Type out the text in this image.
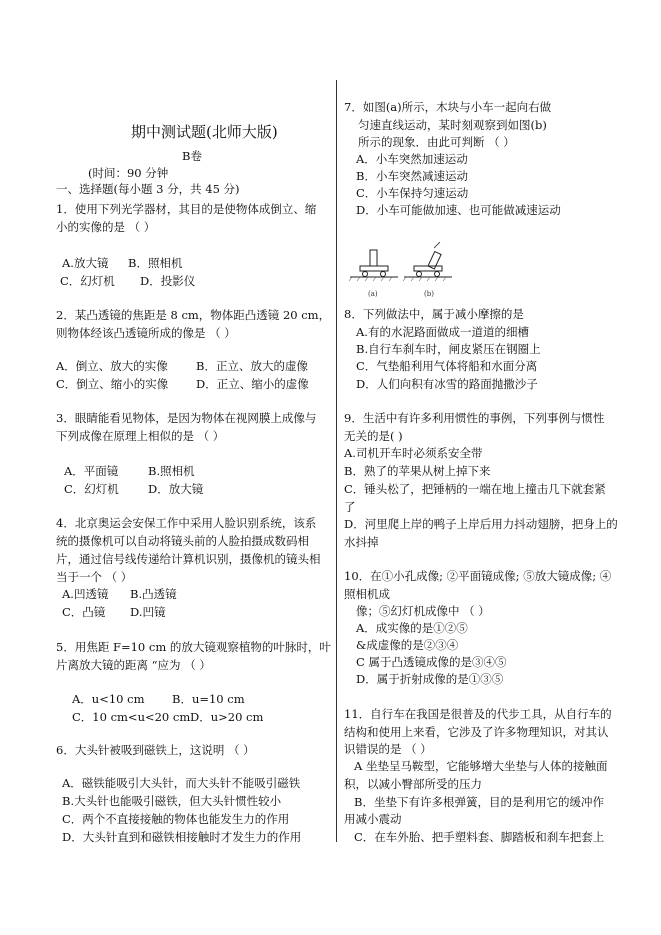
期中测试题(北师大版)
B卷
(时间：90 分钟
一、选择题(每小题 3 分，共 45 分)
1．使用下列光学器材，其目的是使物体成倒立、缩
小的实像的是 （ ）
A.放大镜 B．照相机
C．幻灯机 D．投影仪
2．某凸透镜的焦距是 8 cm，物体距凸透镜 20 cm，
则物体经该凸透镜所成的像是 （ ）
A．倒立、放大的实像 B．正立、放大的虚像
C．倒立、缩小的实像 D．正立、缩小的虚像
3．眼睛能看见物体，是因为物体在视网膜上成像与
下列成像在原理上相似的是 （ ）
A．平面镜	B.照相机
C．幻灯机	D．放大镜
4．北京奥运会安保工作中采用人脸识别系统，该系
统的摄像机可以自动将镜头前的人脸拍摄成数码相
片，通过信号线传递给计算机识别，摄像机的镜头相
当于一个 （ ）
A.凹透镜 B.凸透镜
C．凸镜 D.凹镜
5．用焦距 F=10 cm 的放大镜观察植物的叶脉时，叶
片离放大镜的距离 “应为 （ ）
A．u<10 cm B．u=10 cm
C．10 cm<u<20 cm D．u>20 cm
6．大头针被吸到磁铁上，这说明 （ ）
A．磁铁能吸引大头针，而大头针不能吸引磁铁
B.大头针也能吸引磁铁，但大头针惯性较小
C．两个不直接接触的物体也能发生力的作用
D．大头针直到和磁铁相接触时才发生力的作用
7．如图(a)所示，木块与小车一起向右做
匀速直线运动，某时刻观察到如图(b)
所示的现象．由此可判断 （ ）
A．小车突然加速运动
B．小车突然减速运动
C．小车保持匀速运动
D．小车可能做加速、也可能做减速运动
(a)	(b)
8．下列做法中，属于减小摩擦的是
A.有的水泥路面做成一道道的细槽
B.自行车刹车时，闸皮紧压在钢圈上
C．气垫船利用气体将船和水面分离
D．人们向积有冰雪的路面抛撒沙子
9．生活中有许多利用惯性的事例，下列事例与惯性
无关的是( )
A.司机开车时必须系安全带
B．熟了的苹果从树上掉下来
C．锤头松了，把锤柄的一端在地上撞击几下就套紧
了
D．河里爬上岸的鸭子上岸后用力抖动翅膀，把身上的
水抖掉
10．在①小孔成像; ②平面镜成像; ⑤放大镜成像; ④
照相机成
像；⑤幻灯机成像中 （ ）
A．成实像的是①②⑤
&成虚像的是②③④
C 属于凸透镜成像的是③④⑤
D．属于折射成像的是①③⑤
11．自行车在我国是很普及的代步工具，从自行车的
结构和使用上来看，它涉及了许多物理知识，对其认
识错误的是 （ ）
A 坐垫呈马鞍型，它能够增大坐垫与人体的接触面
积，以减小臀部所受的压力
B．坐垫下有许多根弹簧，目的是利用它的缓冲作
用减小震动
C．在车外胎、把手塑料套、脚踏板和刹车把套上
